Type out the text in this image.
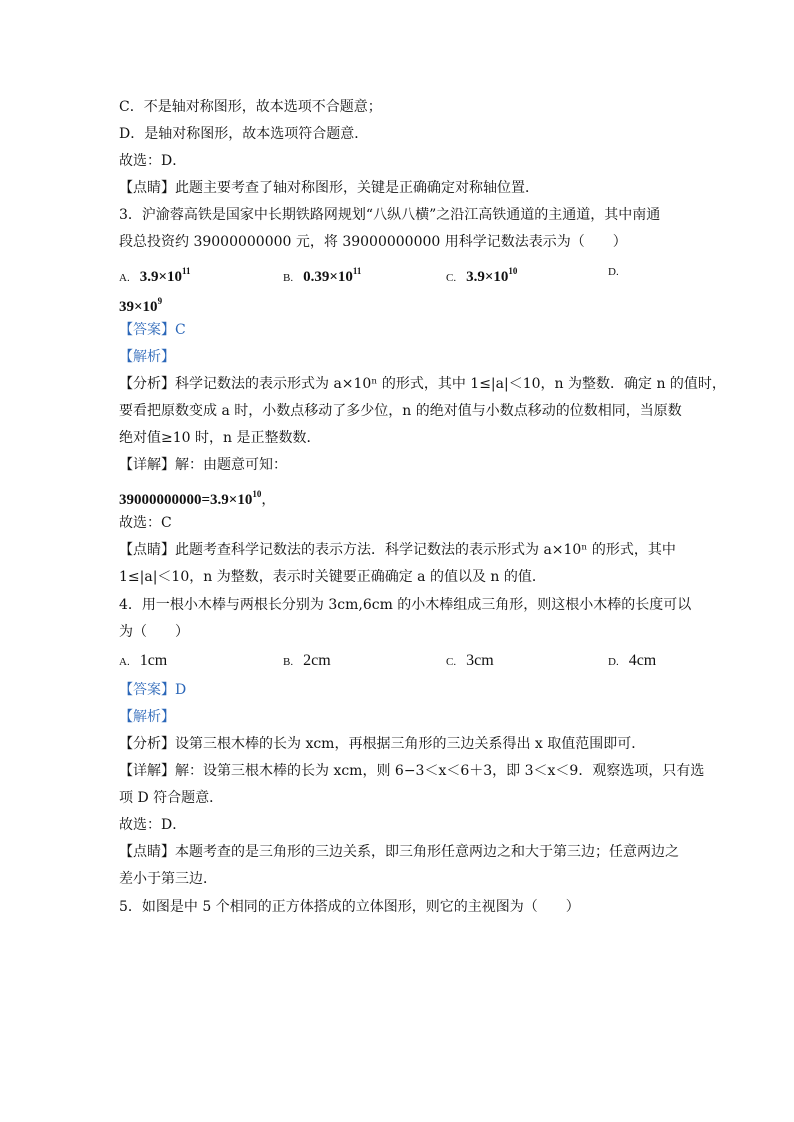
C．不是轴对称图形，故本选项不合题意；
D．是轴对称图形，故本选项符合题意．
故选：D．
【点睛】此题主要考查了轴对称图形，关键是正确确定对称轴位置．
3．沪渝蓉高铁是国家中长期铁路网规划“八纵八横”之沿江高铁通道的主通道，其中南通
段总投资约 39000000000 元，将 39000000000 用科学记数法表示为（　　）
A. $3.9\times 10^{11}$
B. $0.39\times 10^{11}$
C. $3.9\times 10^{10}$	D.
$39\times 10^9$
【答案】C
【解析】
【分析】科学记数法的表示形式为 a×10ⁿ 的形式，其中 1≤|a|＜10，n 为整数．确定 n 的值时，
要看把原数变成 a 时，小数点移动了多少位，n 的绝对值与小数点移动的位数相同，当原数
绝对值≥10 时，n 是正整数数．
【详解】解：由题意可知：
$39000000000=3.9\times 10^{10}$，
故选：C
【点睛】此题考查科学记数法的表示方法．科学记数法的表示形式为 a×10ⁿ 的形式，其中
1≤|a|＜10，n 为整数，表示时关键要正确确定 a 的值以及 n 的值．
4．用一根小木棒与两根长分别为 3cm,6cm 的小木棒组成三角形，则这根小木棒的长度可以
为（　　）
A. 1cm	B. 2cm	C. 3cm	D. 4cm
【答案】D
【解析】
【分析】设第三根木棒的长为 xcm，再根据三角形的三边关系得出 x 取值范围即可．
【详解】解：设第三根木棒的长为 xcm，则 6−3＜x＜6＋3，即 3＜x＜9．观察选项，只有选
项 D 符合题意．
故选：D．
【点睛】本题考查的是三角形的三边关系，即三角形任意两边之和大于第三边；任意两边之
差小于第三边．
5．如图是中 5 个相同的正方体搭成的立体图形，则它的主视图为（　　）
